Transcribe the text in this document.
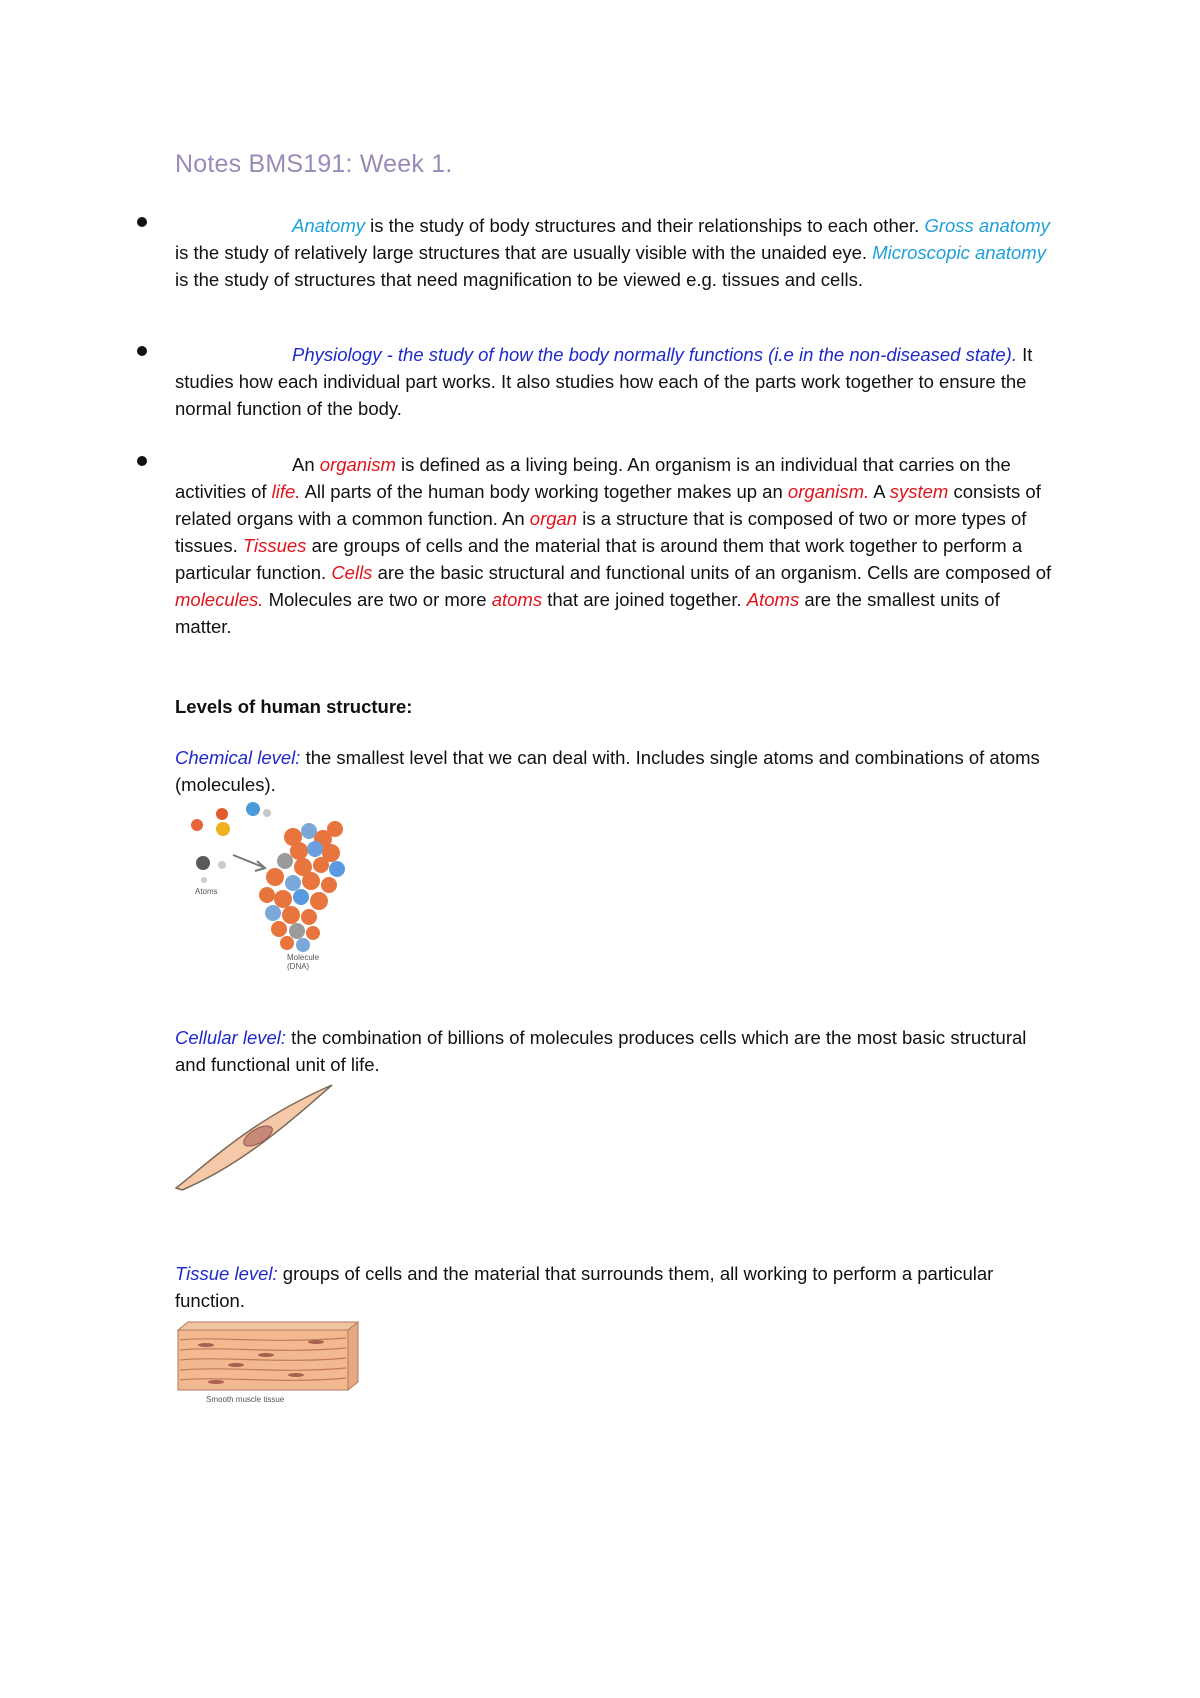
Notes BMS191: Week 1.

Anatomy is the study of body structures and their relationships to each other. Gross anatomy is the study of relatively large structures that are usually visible with the unaided eye. Microscopic anatomy is the study of structures that need magnification to be viewed e.g. tissues and cells.

Physiology - the study of how the body normally functions (i.e in the non-diseased state). It studies how each individual part works. It also studies how each of the parts work together to ensure the normal function of the body.

An organism is defined as a living being. An organism is an individual that carries on the activities of life. All parts of the human body working together makes up an organism. A system consists of related organs with a common function. An organ is a structure that is composed of two or more types of tissues. Tissues are groups of cells and the material that is around them that work together to perform a particular function. Cells are the basic structural and functional units of an organism. Cells are composed of molecules. Molecules are two or more atoms that are joined together. Atoms are the smallest units of matter.

Levels of human structure:

Chemical level: the smallest level that we can deal with. Includes single atoms and combinations of atoms (molecules).

Atoms
Molecule
(DNA)

Cellular level: the combination of billions of molecules produces cells which are the most basic structural and functional unit of life.

Tissue level: groups of cells and the material that surrounds them, all working to perform a particular function.

Smooth muscle tissue
